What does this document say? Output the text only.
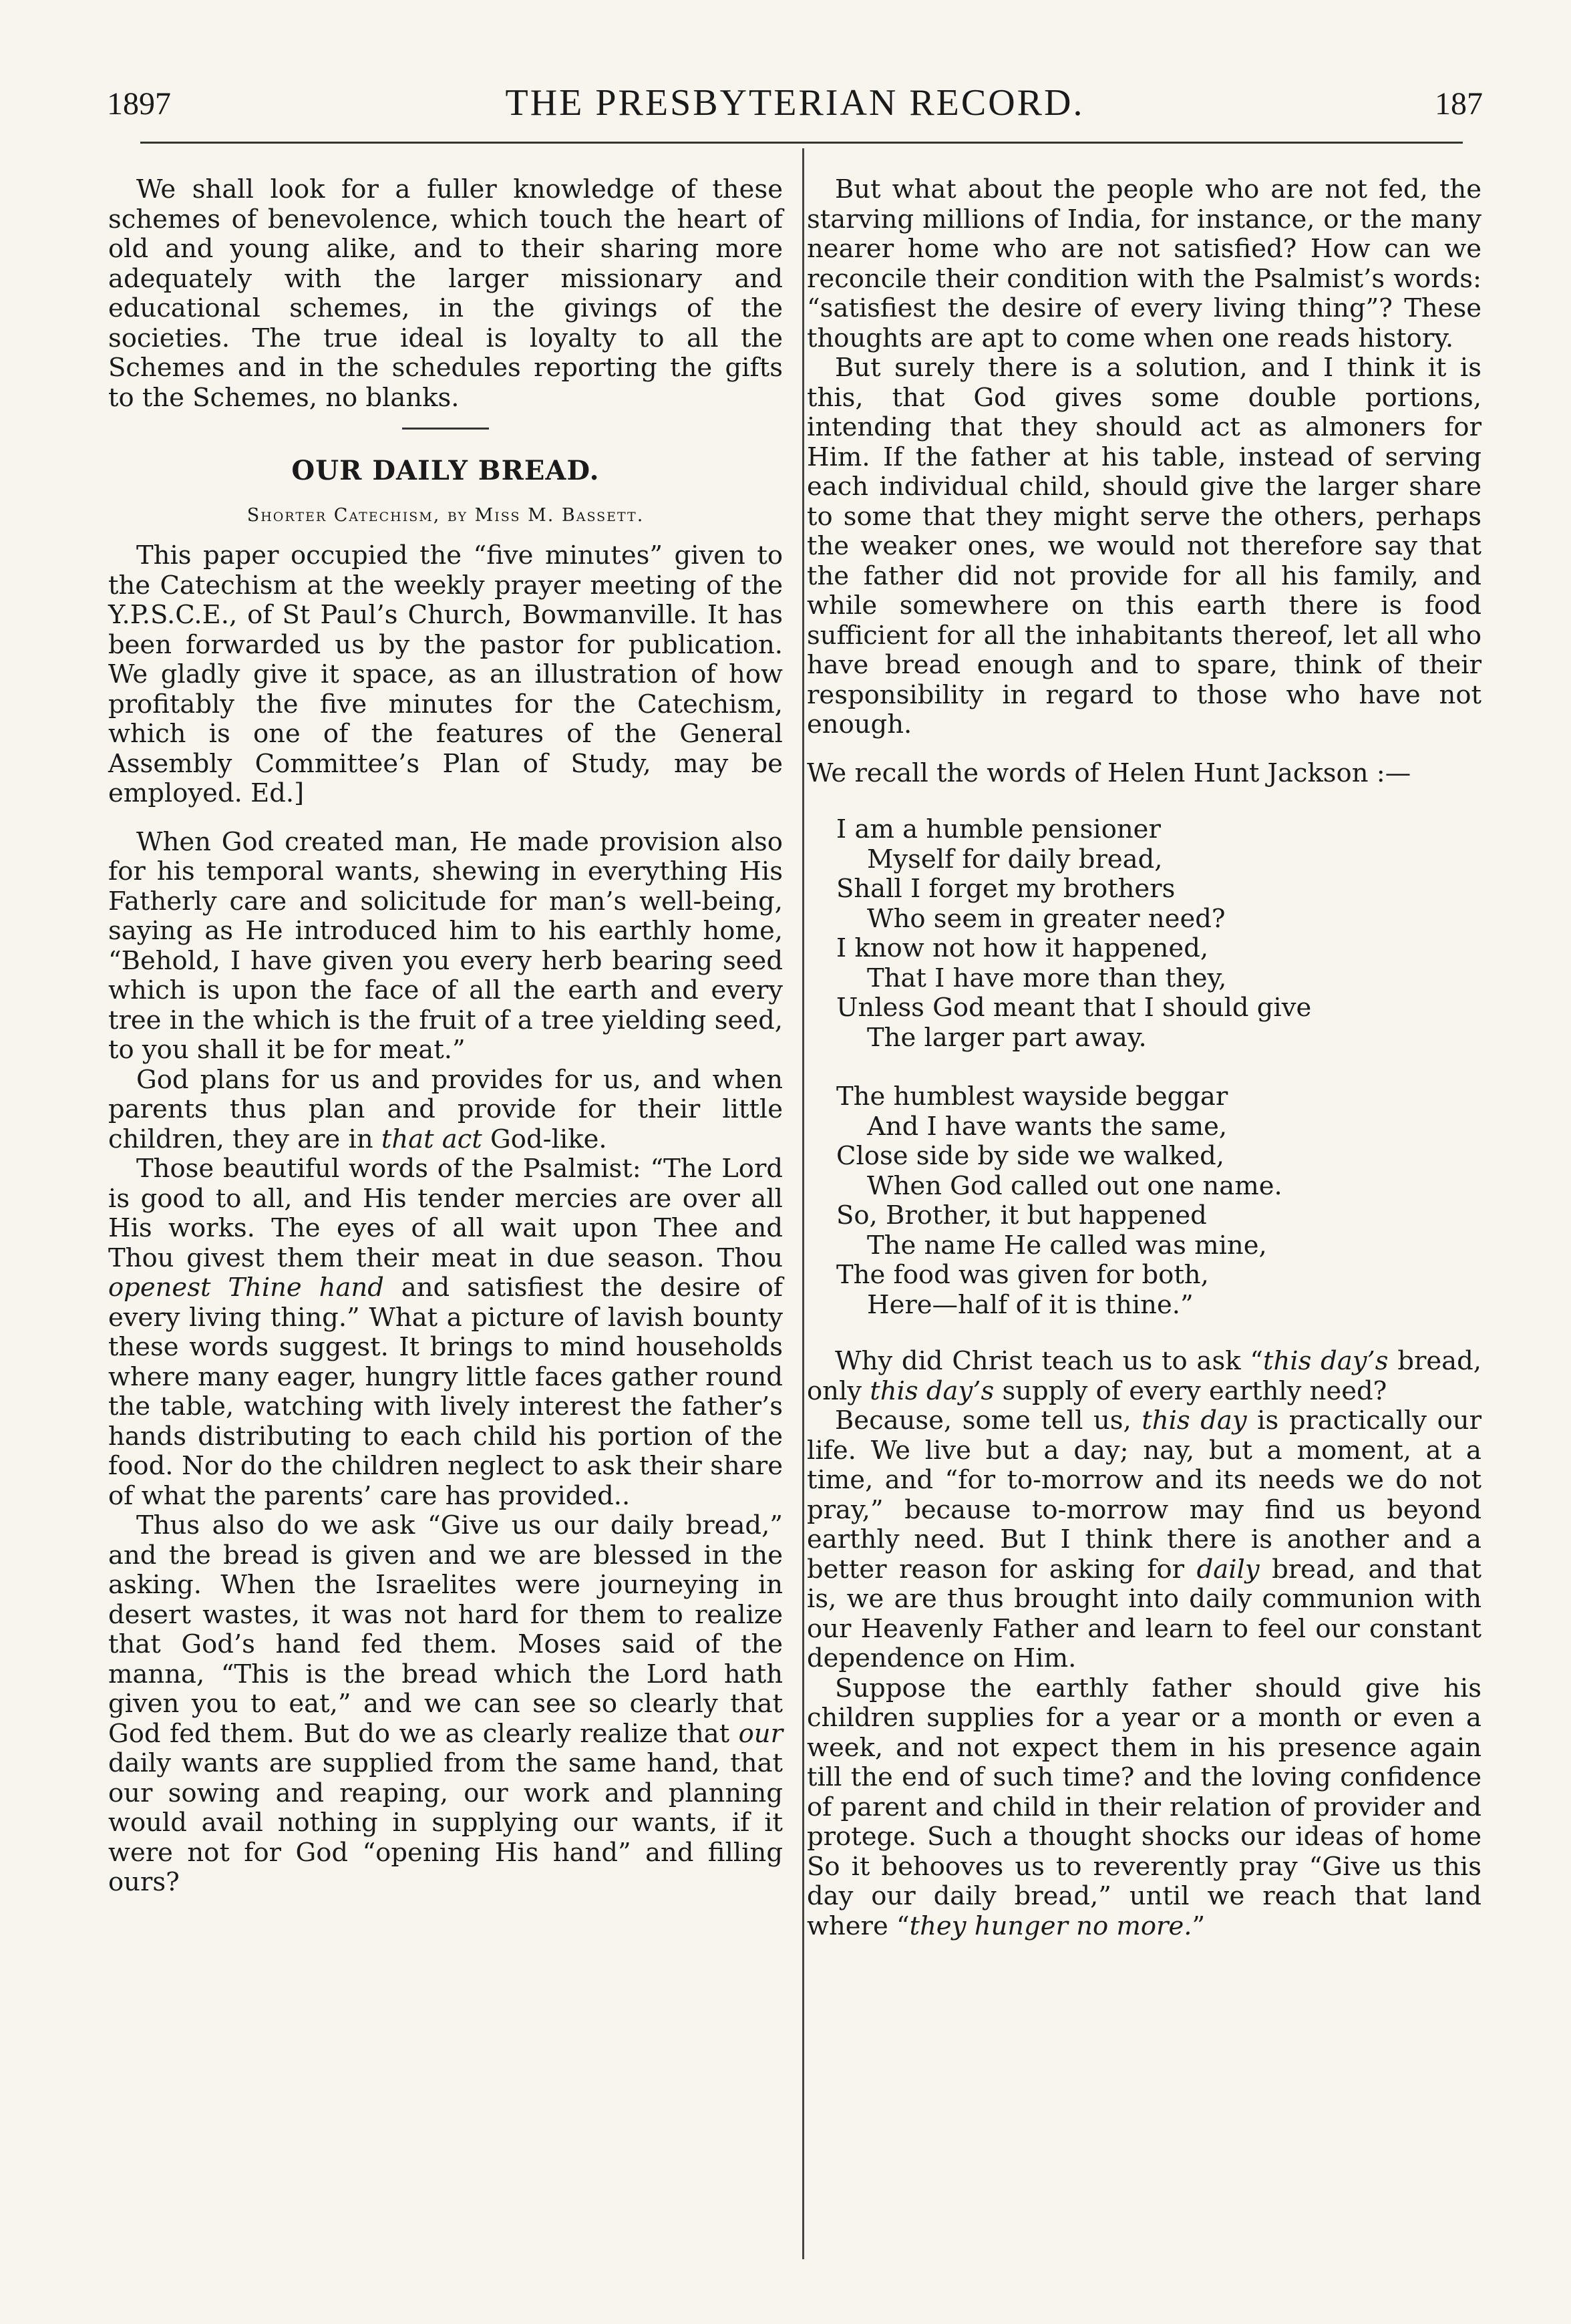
1897	THE PRESBYTERIAN RECORD.	187

We shall look for a fuller knowledge of these schemes of benevolence, which touch the heart of old and young alike, and to their sharing more adequately with the larger missionary and educational schemes, in the givings of the societies. The true ideal is loyalty to all the Schemes and in the schedules reporting the gifts to the Schemes, no blanks.

OUR DAILY BREAD.
Shorter Catechism, by Miss M. Bassett.

This paper occupied the “five minutes” given to the Catechism at the weekly prayer meeting of the Y.P.S.C.E., of St Paul’s Church, Bowmanville. It has been forwarded us by the pastor for publication. We gladly give it space, as an illustration of how profitably the five minutes for the Catechism, which is one of the features of the General Assembly Committee’s Plan of Study, may be employed. Ed.]

When God created man, He made provision also for his temporal wants, shewing in everything His Fatherly care and solicitude for man’s well-being, saying as He introduced him to his earthly home, “Behold, I have given you every herb bearing seed which is upon the face of all the earth and every tree in the which is the fruit of a tree yielding seed, to you shall it be for meat.”

God plans for us and provides for us, and when parents thus plan and provide for their little children, they are in that act God-like.

Those beautiful words of the Psalmist: “The Lord is good to all, and His tender mercies are over all His works. The eyes of all wait upon Thee and Thou givest them their meat in due season. Thou openest Thine hand and satisfiest the desire of every living thing.” What a picture of lavish bounty these words suggest. It brings to mind households where many eager, hungry little faces gather round the table, watching with lively interest the father’s hands distributing to each child his portion of the food. Nor do the children neglect to ask their share of what the parents’ care has provided..

Thus also do we ask “Give us our daily bread,” and the bread is given and we are blessed in the asking. When the Israelites were journeying in desert wastes, it was not hard for them to realize that God’s hand fed them. Moses said of the manna, “This is the bread which the Lord hath given you to eat,” and we can see so clearly that God fed them. But do we as clearly realize that our daily wants are supplied from the same hand, that our sowing and reaping, our work and planning would avail nothing in supplying our wants, if it were not for God “opening His hand” and filling ours?

But what about the people who are not fed, the starving millions of India, for instance, or the many nearer home who are not satisfied? How can we reconcile their condition with the Psalmist’s words: “satisfiest the desire of every living thing”? These thoughts are apt to come when one reads history.

But surely there is a solution, and I think it is this, that God gives some double portions, intending that they should act as almoners for Him. If the father at his table, instead of serving each individual child, should give the larger share to some that they might serve the others, perhaps the weaker ones, we would not therefore say that the father did not provide for all his family, and while somewhere on this earth there is food sufficient for all the inhabitants thereof, let all who have bread enough and to spare, think of their responsibility in regard to those who have not enough.

We recall the words of Helen Hunt Jackson :—

I am a humble pensioner
Myself for daily bread,
Shall I forget my brothers
Who seem in greater need?
I know not how it happened,
That I have more than they,
Unless God meant that I should give
The larger part away.
The humblest wayside beggar
And I have wants the same,
Close side by side we walked,
When God called out one name.
So, Brother, it but happened
The name He called was mine,
The food was given for both,
Here—half of it is thine.”

Why did Christ teach us to ask “this day’s bread, only this day’s supply of every earthly need?

Because, some tell us, this day is practically our life. We live but a day; nay, but a moment, at a time, and “for to-morrow and its needs we do not pray,” because to-morrow may find us beyond earthly need. But I think there is another and a better reason for asking for daily bread, and that is, we are thus brought into daily communion with our Heavenly Father and learn to feel our constant dependence on Him.

Suppose the earthly father should give his children supplies for a year or a month or even a week, and not expect them in his presence again till the end of such time? and the loving confidence of parent and child in their relation of provider and protege. Such a thought shocks our ideas of home So it behooves us to reverently pray “Give us this day our daily bread,” until we reach that land where “they hunger no more.”
